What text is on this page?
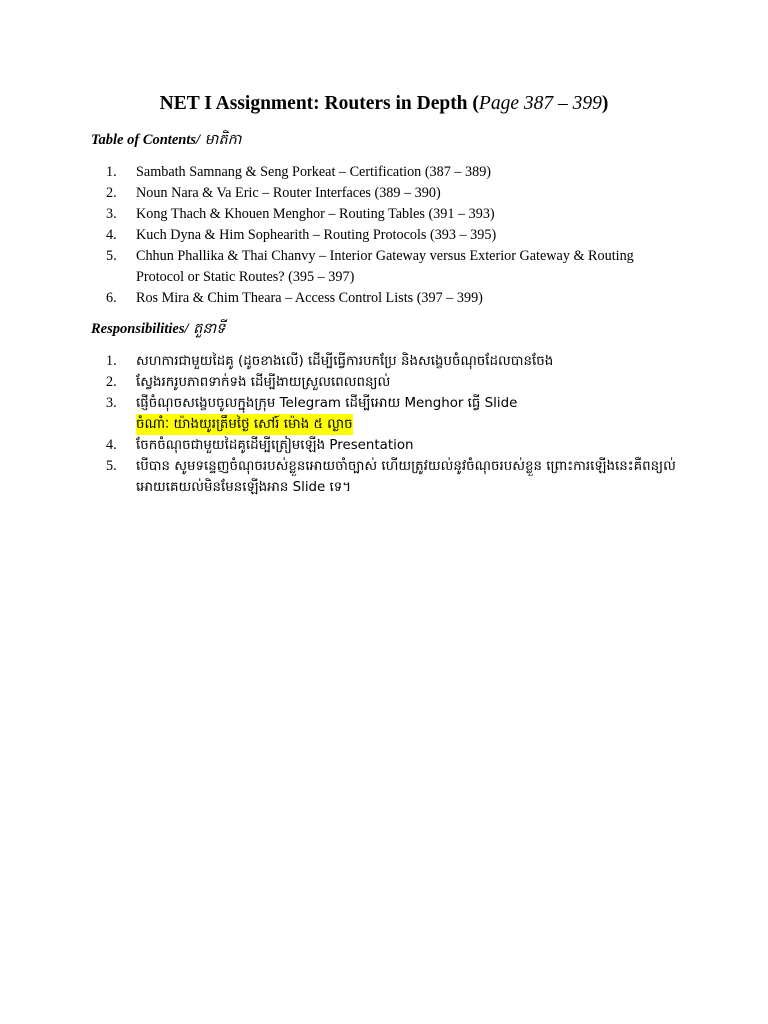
NET I Assignment: Routers in Depth (Page 387 – 399)
Table of Contents/ មាតិកា
1. Sambath Samnang & Seng Porkeat – Certification (387 – 389)
2. Noun Nara & Va Eric – Router Interfaces (389 – 390)
3. Kong Thach & Khouen Menghor – Routing Tables (391 – 393)
4. Kuch Dyna & Him Sophearith – Routing Protocols (393 – 395)
5. Chhun Phallika & Thai Chanvy – Interior Gateway versus Exterior Gateway & Routing Protocol or Static Routes? (395 – 397)
6. Ros Mira & Chim Theara – Access Control Lists (397 – 399)
Responsibilities/ តួនាទី
1. សហការជាមួយដៃគូ (ដូចខាងលើ) ដើម្បីធ្វើការបកប្រែ និងសង្ខេបចំណុចដែលបានចែង
2. ស្វែងរករូបភាពទាក់ទង ដើម្បីងាយស្រួលពេលពន្យល់
3. ផ្ញើចំណុចសង្ខេបចូលក្នុងក្រុម Telegram ដើម្បីអោយ Menghor ធ្វើ Slide
ចំណាំៈ យ៉ាងយូរត្រឹមថ្ងៃ សៅរ៍ ម៉ោង ៥ ល្ងាច
4. ចែកចំណុចជាមួយដៃគូដើម្បីត្រៀមឡើង Presentation
5. បើបាន សូមទន្ទេញចំណុចរបស់ខ្លួនអោយចាំច្បាស់ ហើយត្រូវយល់នូវចំណុចរបស់ខ្លួន ព្រោះការឡើងនេះគឺពន្យល់អោយគេយល់មិនមែនឡើងអាន Slide ទេ។
